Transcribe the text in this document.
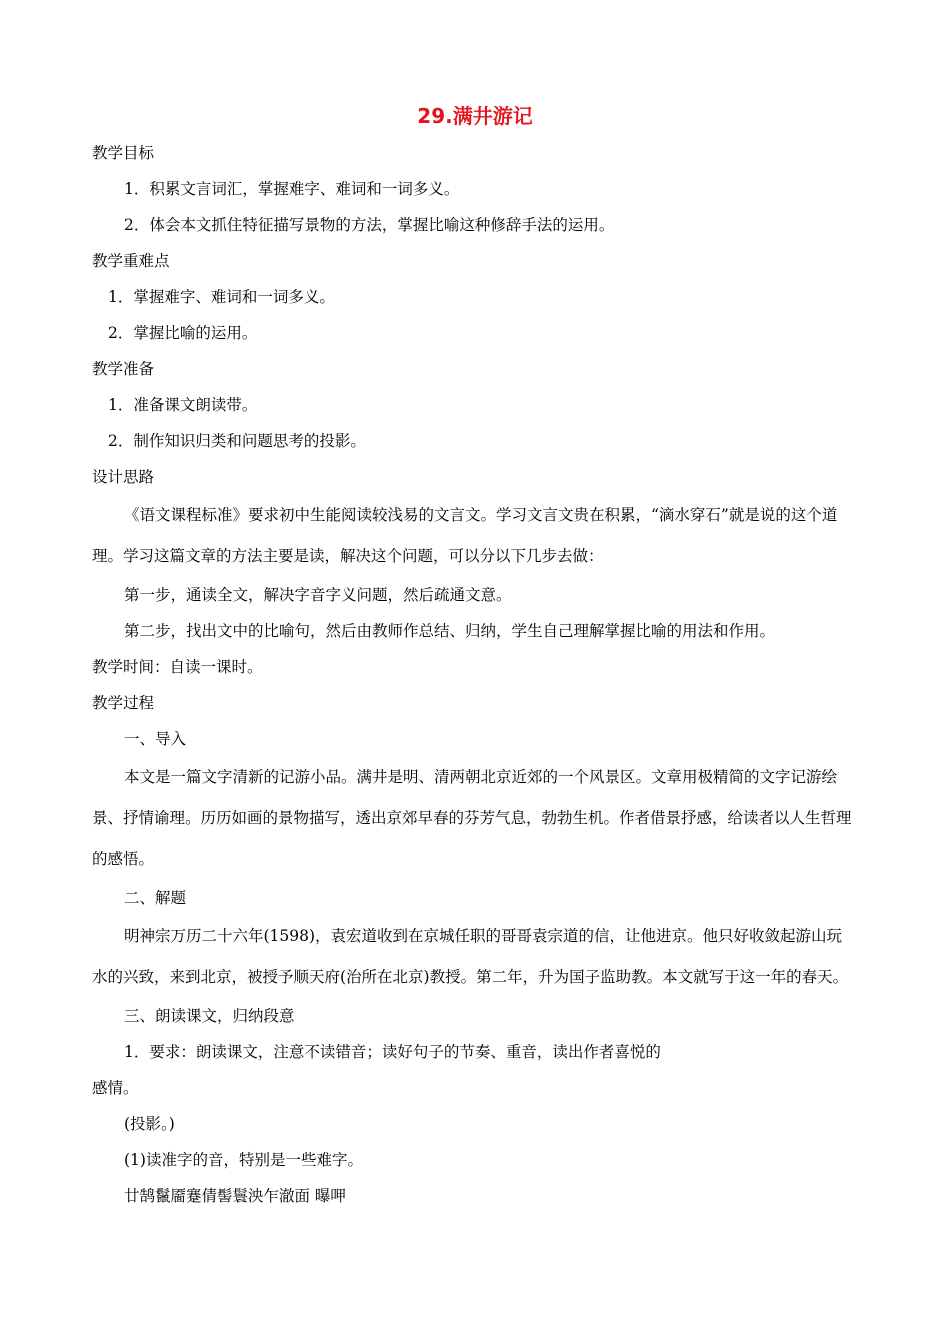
29.满井游记

教学目标

1．积累文言词汇，掌握难字、难词和一词多义。

2．体会本文抓住特征描写景物的方法，掌握比喻这种修辞手法的运用。

教学重难点

1．掌握难字、难词和一词多义。

2．掌握比喻的运用。

教学准备

1．准备课文朗读带。

2．制作知识归类和问题思考的投影。

设计思路

《语文课程标准》要求初中生能阅读较浅易的文言文。学习文言文贵在积累，“滴水穿石”就是说的这个道理。学习这篇文章的方法主要是读，解决这个问题，可以分以下几步去做：

第一步，通读全文，解决字音字义问题，然后疏通文意。

第二步，找出文中的比喻句，然后由教师作总结、归纳，学生自己理解掌握比喻的用法和作用。

教学时间：自读一课时。

教学过程

一、导入

本文是一篇文字清新的记游小品。满井是明、清两朝北京近郊的一个风景区。文章用极精简的文字记游绘景、抒情谕理。历历如画的景物描写，透出京郊早春的芬芳气息，勃勃生机。作者借景抒感，给读者以人生哲理的感悟。

二、解题

明神宗万历二十六年(1598)，袁宏道收到在京城任职的哥哥袁宗道的信，让他进京。他只好收敛起游山玩水的兴致，来到北京，被授予顺天府(治所在北京)教授。第二年，升为国子监助教。本文就写于这一年的春天。

三、朗读课文，归纳段意

1．要求：朗读课文，注意不读错音；读好句子的节奏、重音，读出作者喜悦的

感情。

(投影。)

(1)读准字的音，特别是一些难字。

廿鹄鬣靥蹇倩髻鬟泱乍澈面 曝呷
